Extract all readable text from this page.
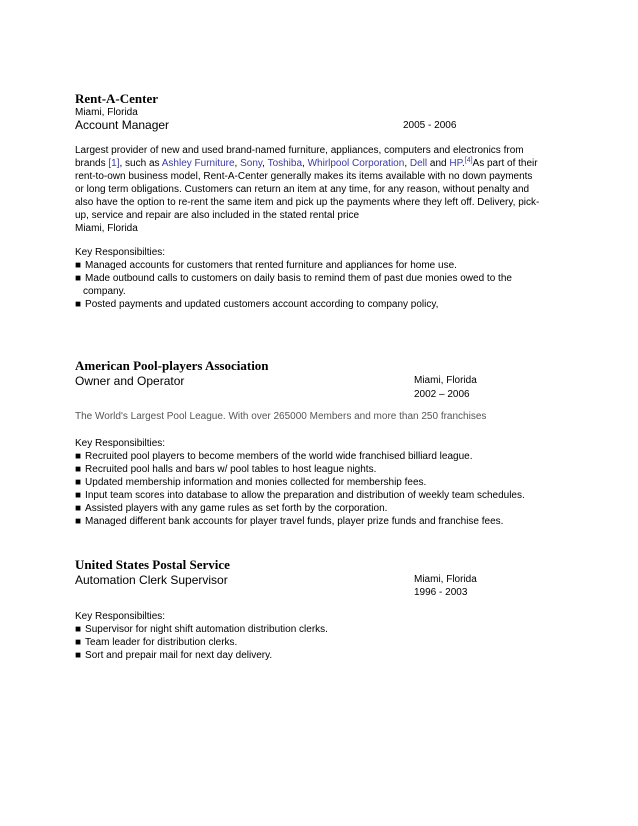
Rent-A-Center
Miami, Florida
Account Manager	2005 - 2006
Largest provider of new and used brand-named furniture, appliances, computers and electronics from
brands [1], such as Ashley Furniture, Sony, Toshiba, Whirlpool Corporation, Dell and HP.[4]As part of their
rent-to-own business model, Rent-A-Center generally makes its items available with no down payments
or long term obligations. Customers can return an item at any time, for any reason, without penalty and
also have the option to re-rent the same item and pick up the payments where they left off. Delivery, pick-
up, service and repair are also included in the stated rental price
Miami, Florida
Key Responsibilties:
■ Managed accounts for customers that rented furniture and appliances for home use.
■ Made outbound calls to customers on daily basis to remind them of past due monies owed to the
company.
■ Posted payments and updated customers account according to company policy,
American Pool-players Association
Owner and Operator	Miami, Florida
2002 – 2006
The World's Largest Pool League. With over 265000 Members and more than 250 franchises
Key Responsibilties:
■ Recruited pool players to become members of the world wide franchised billiard league.
■ Recruited pool halls and bars w/ pool tables to host league nights.
■ Updated membership information and monies collected for membership fees.
■ Input team scores into database to allow the preparation and distribution of weekly team schedules.
■ Assisted players with any game rules as set forth by the corporation.
■ Managed different bank accounts for player travel funds, player prize funds and franchise fees.
United States Postal Service
Automation Clerk Supervisor	Miami, Florida
1996 - 2003
Key Responsibilties:
■ Supervisor for night shift automation distribution clerks.
■ Team leader for distribution clerks.
■ Sort and prepair mail for next day delivery.
